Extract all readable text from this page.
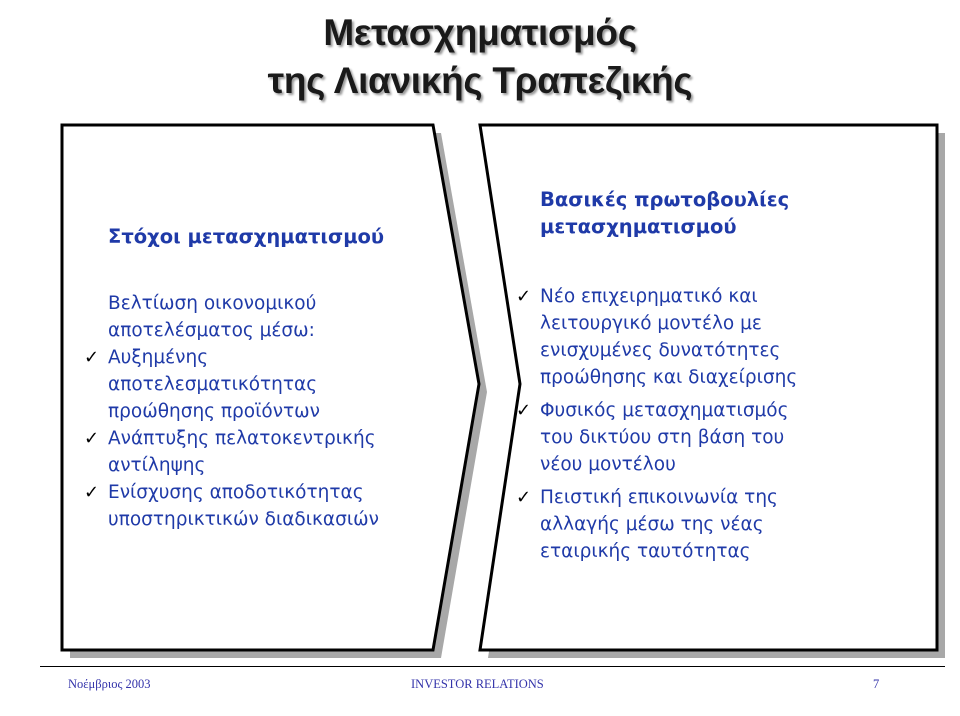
Μετασχηματισμός
της Λιανικής Τραπεζικής
Στόχοι μετασχηματισμού
Βελτίωση οικονομικού
αποτελέσματος μέσω:
✓ Αυξημένης
αποτελεσματικότητας
προώθησης προϊόντων
✓ Ανάπτυξης πελατοκεντρικής
αντίληψης
✓ Ενίσχυσης αποδοτικότητας
υποστηρικτικών διαδικασιών
Βασικές πρωτοβουλίες
μετασχηματισμού
✓ Νέο επιχειρηματικό και
λειτουργικό μοντέλο με
ενισχυμένες δυνατότητες
προώθησης και διαχείρισης
✓ Φυσικός μετασχηματισμός
του δικτύου στη βάση του
νέου μοντέλου
✓ Πειστική επικοινωνία της
αλλαγής μέσω της νέας
εταιρικής ταυτότητας
Νοέμβριος 2003	INVESTOR RELATIONS	7
